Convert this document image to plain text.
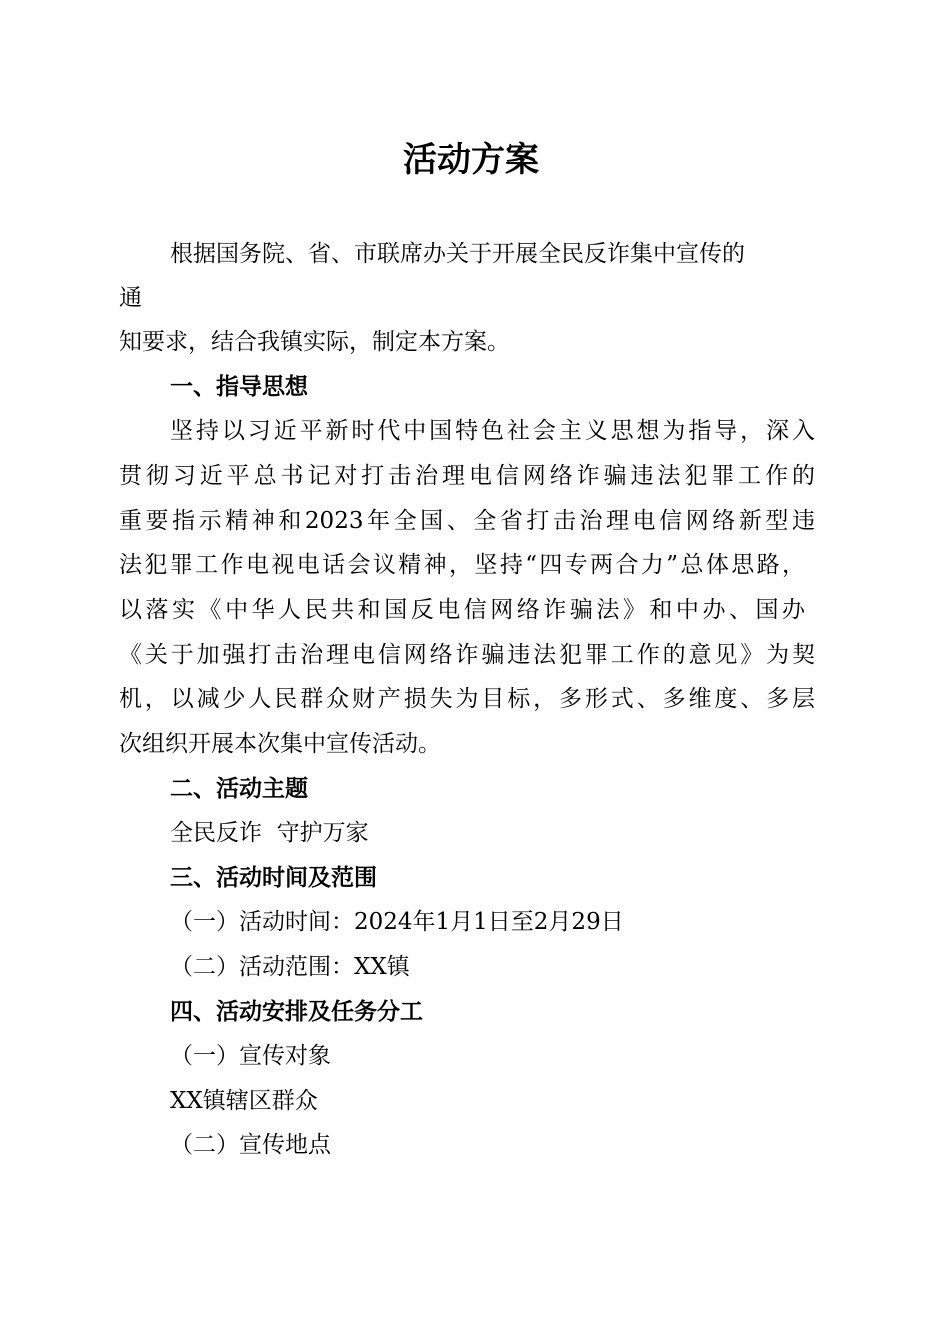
活动方案

根据国务院、省、市联席办关于开展全民反诈集中宣传的

通

知要求，结合我镇实际，制定本方案。

一、指导思想

坚持以习近平新时代中国特色社会主义思想为指导，深入

贯彻习近平总书记对打击治理电信网络诈骗违法犯罪工作的

重要指示精神和2023年全国、全省打击治理电信网络新型违

法犯罪工作电视电话会议精神，坚持“四专两合力”总体思路，

以落实《中华人民共和国反电信网络诈骗法》和中办、国办

《关于加强打击治理电信网络诈骗违法犯罪工作的意见》为契

机，以减少人民群众财产损失为目标，多形式、多维度、多层

次组织开展本次集中宣传活动。

二、活动主题

全民反诈  守护万家

三、活动时间及范围

（一）活动时间：2024年1月1日至2月29日

（二）活动范围：XX镇

四、活动安排及任务分工

（一）宣传对象

XX镇辖区群众

（二）宣传地点
